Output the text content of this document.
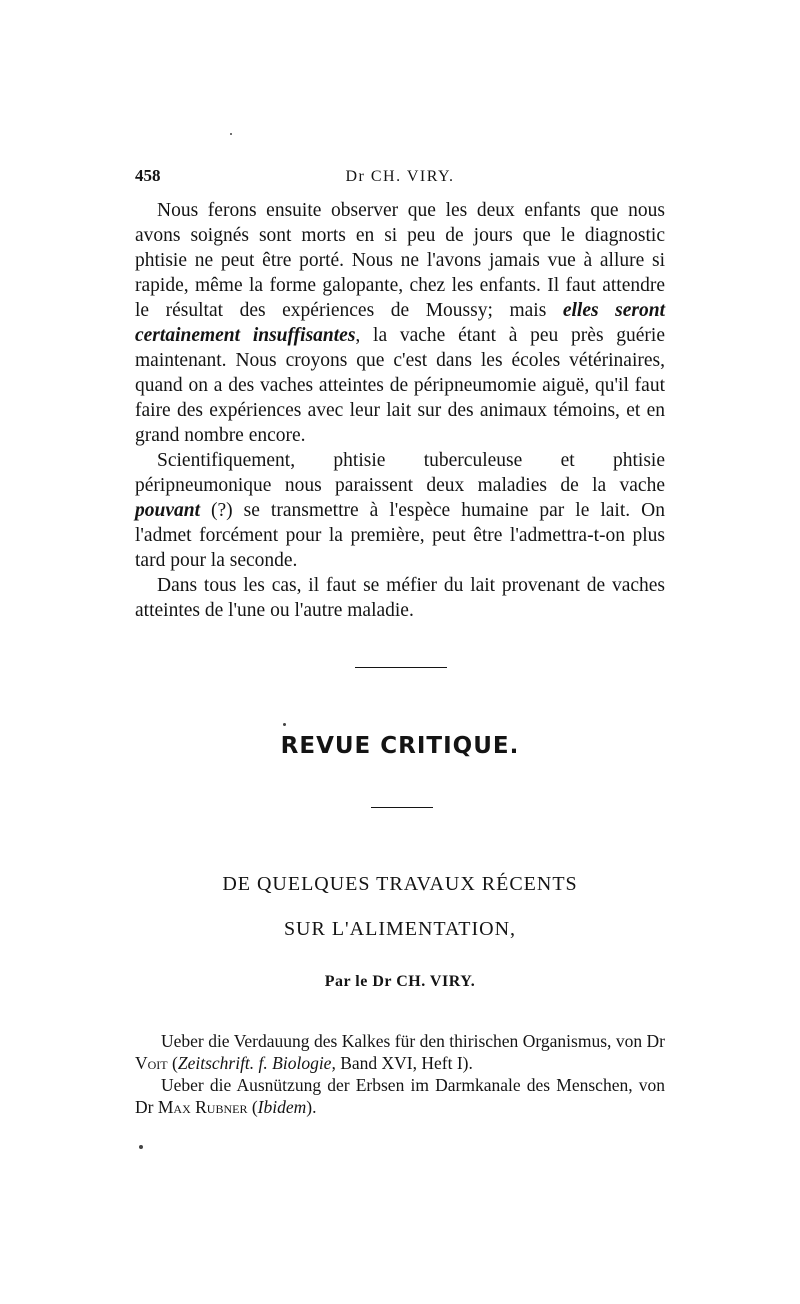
458	Dr CH. VIRY.

Nous ferons ensuite observer que les deux enfants que nous avons soignés sont morts en si peu de jours que le diagnostic phtisie ne peut être porté. Nous ne l'avons jamais vue à allure si rapide, même la forme galopante, chez les enfants. Il faut attendre le résultat des expériences de Moussy; mais elles seront certainement insuffisantes, la vache étant à peu près guérie maintenant. Nous croyons que c'est dans les écoles vétérinaires, quand on a des vaches atteintes de péripneumomie aiguë, qu'il faut faire des expériences avec leur lait sur des animaux témoins, et en grand nombre encore.

Scientifiquement, phtisie tuberculeuse et phtisie péripneumonique nous paraissent deux maladies de la vache pouvant (?) se transmettre à l'espèce humaine par le lait. On l'admet forcément pour la première, peut être l'admettra-t-on plus tard pour la seconde.

Dans tous les cas, il faut se méfier du lait provenant de vaches atteintes de l'une ou l'autre maladie.

REVUE CRITIQUE.
DE QUELQUES TRAVAUX RÉCENTS
SUR L'ALIMENTATION,
Par le Dr CH. VIRY.

Ueber die Verdauung des Kalkes für den thirischen Organismus, von Dr Voit (Zeitschrift. f. Biologie, Band XVI, Heft I).

Ueber die Ausnützung der Erbsen im Darmkanale des Menschen, von Dr Max Rubner (Ibidem).
